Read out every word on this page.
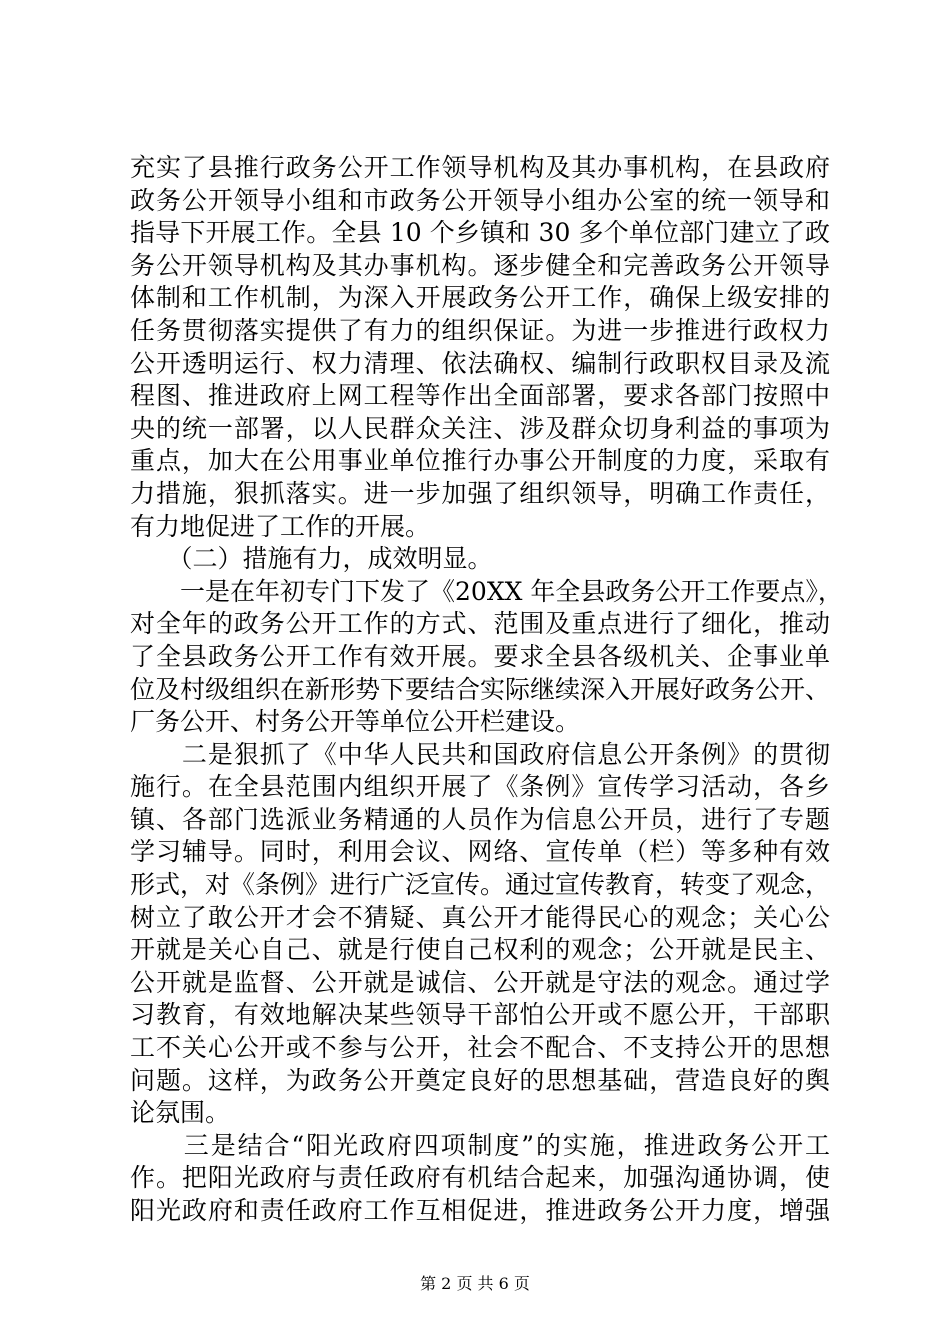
充实了县推行政务公开工作领导机构及其办事机构，在县政府
政务公开领导小组和市政务公开领导小组办公室的统一领导和
指导下开展工作。全县 10 个乡镇和 30 多个单位部门建立了政
务公开领导机构及其办事机构。逐步健全和完善政务公开领导
体制和工作机制，为深入开展政务公开工作，确保上级安排的
任务贯彻落实提供了有力的组织保证。为进一步推进行政权力
公开透明运行、权力清理、依法确权、编制行政职权目录及流
程图、推进政府上网工程等作出全面部署，要求各部门按照中
央的统一部署，以人民群众关注、涉及群众切身利益的事项为
重点，加大在公用事业单位推行办事公开制度的力度，采取有
力措施，狠抓落实。进一步加强了组织领导，明确工作责任，
有力地促进了工作的开展。
　　（二）措施有力，成效明显。
　　一是在年初专门下发了《20XX 年全县政务公开工作要点》，
对全年的政务公开工作的方式、范围及重点进行了细化，推动
了全县政务公开工作有效开展。要求全县各级机关、企事业单
位及村级组织在新形势下要结合实际继续深入开展好政务公开、
厂务公开、村务公开等单位公开栏建设。
　　二是狠抓了《中华人民共和国政府信息公开条例》的贯彻
施行。在全县范围内组织开展了《条例》宣传学习活动，各乡
镇、各部门选派业务精通的人员作为信息公开员，进行了专题
学习辅导。同时，利用会议、网络、宣传单（栏）等多种有效
形式，对《条例》进行广泛宣传。通过宣传教育，转变了观念，
树立了敢公开才会不猜疑、真公开才能得民心的观念；关心公
开就是关心自己、就是行使自己权利的观念；公开就是民主、
公开就是监督、公开就是诚信、公开就是守法的观念。通过学
习教育，有效地解决某些领导干部怕公开或不愿公开，干部职
工不关心公开或不参与公开，社会不配合、不支持公开的思想
问题。这样，为政务公开奠定良好的思想基础，营造良好的舆
论氛围。
　　三是结合“阳光政府四项制度”的实施，推进政务公开工
作。把阳光政府与责任政府有机结合起来，加强沟通协调，使
阳光政府和责任政府工作互相促进，推进政务公开力度，增强
第 2 页 共 6 页
